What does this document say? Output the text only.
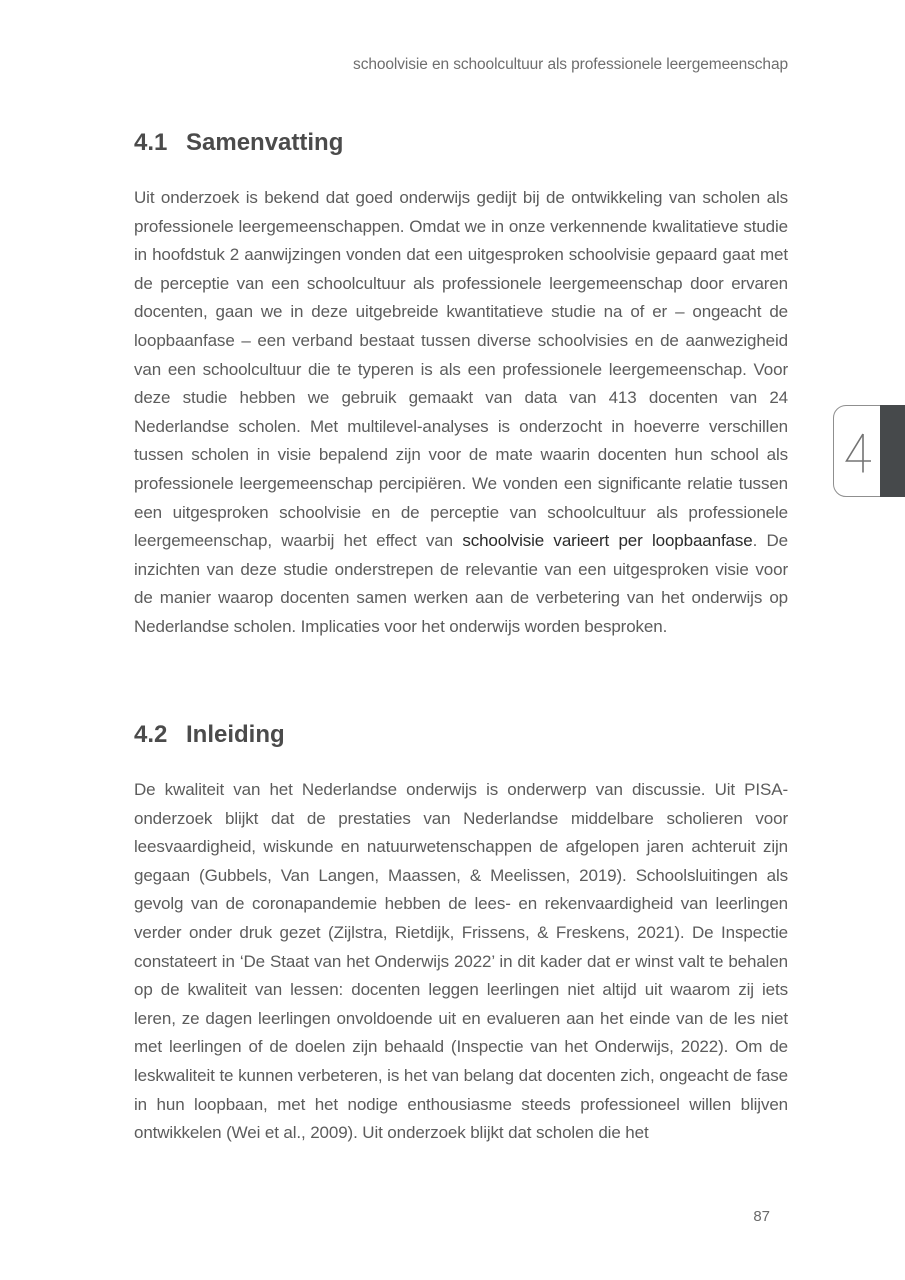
schoolvisie en schoolcultuur als professionele leergemeenschap
4.1 Samenvatting

Uit onderzoek is bekend dat goed onderwijs gedijt bij de ontwikkeling van scholen als professionele leergemeenschappen. Omdat we in onze verkennende kwalitatieve studie in hoofdstuk 2 aanwijzingen vonden dat een uitgesproken schoolvisie gepaard gaat met de perceptie van een schoolcultuur als professionele leergemeenschap door ervaren docenten, gaan we in deze uitgebreide kwantitatieve studie na of er – ongeacht de loopbaanfase – een verband bestaat tussen diverse schoolvisies en de aanwezigheid van een schoolcultuur die te typeren is als een professionele leergemeenschap. Voor deze studie hebben we gebruik gemaakt van data van 413 docenten van 24 Nederlandse scholen. Met multilevel-analyses is onderzocht in hoeverre verschillen tussen scholen in visie bepalend zijn voor de mate waarin docenten hun school als professionele leergemeenschap percipiëren. We vonden een significante relatie tussen een uitgesproken schoolvisie en de perceptie van schoolcultuur als professionele leergemeenschap, waarbij het effect van schoolvisie varieert per loopbaanfase. De inzichten van deze studie onderstrepen de relevantie van een uitgesproken visie voor de manier waarop docenten samen werken aan de verbetering van het onderwijs op Nederlandse scholen. Implicaties voor het onderwijs worden besproken.

4.2 Inleiding

De kwaliteit van het Nederlandse onderwijs is onderwerp van discussie. Uit PISA-onderzoek blijkt dat de prestaties van Nederlandse middelbare scholieren voor leesvaardigheid, wiskunde en natuurwetenschappen de afgelopen jaren achteruit zijn gegaan (Gubbels, Van Langen, Maassen, & Meelissen, 2019). Schoolsluitingen als gevolg van de coronapandemie hebben de lees- en rekenvaardigheid van leerlingen verder onder druk gezet (Zijlstra, Rietdijk, Frissens, & Freskens, 2021). De Inspectie constateert in ‘De Staat van het Onderwijs 2022’ in dit kader dat er winst valt te behalen op de kwaliteit van lessen: docenten leggen leerlingen niet altijd uit waarom zij iets leren, ze dagen leerlingen onvoldoende uit en evalueren aan het einde van de les niet met leerlingen of de doelen zijn behaald (Inspectie van het Onderwijs, 2022). Om de leskwaliteit te kunnen verbeteren, is het van belang dat docenten zich, ongeacht de fase in hun loopbaan, met het nodige enthousiasme steeds professioneel willen blijven ontwikkelen (Wei et al., 2009). Uit onderzoek blijkt dat scholen die het

87
